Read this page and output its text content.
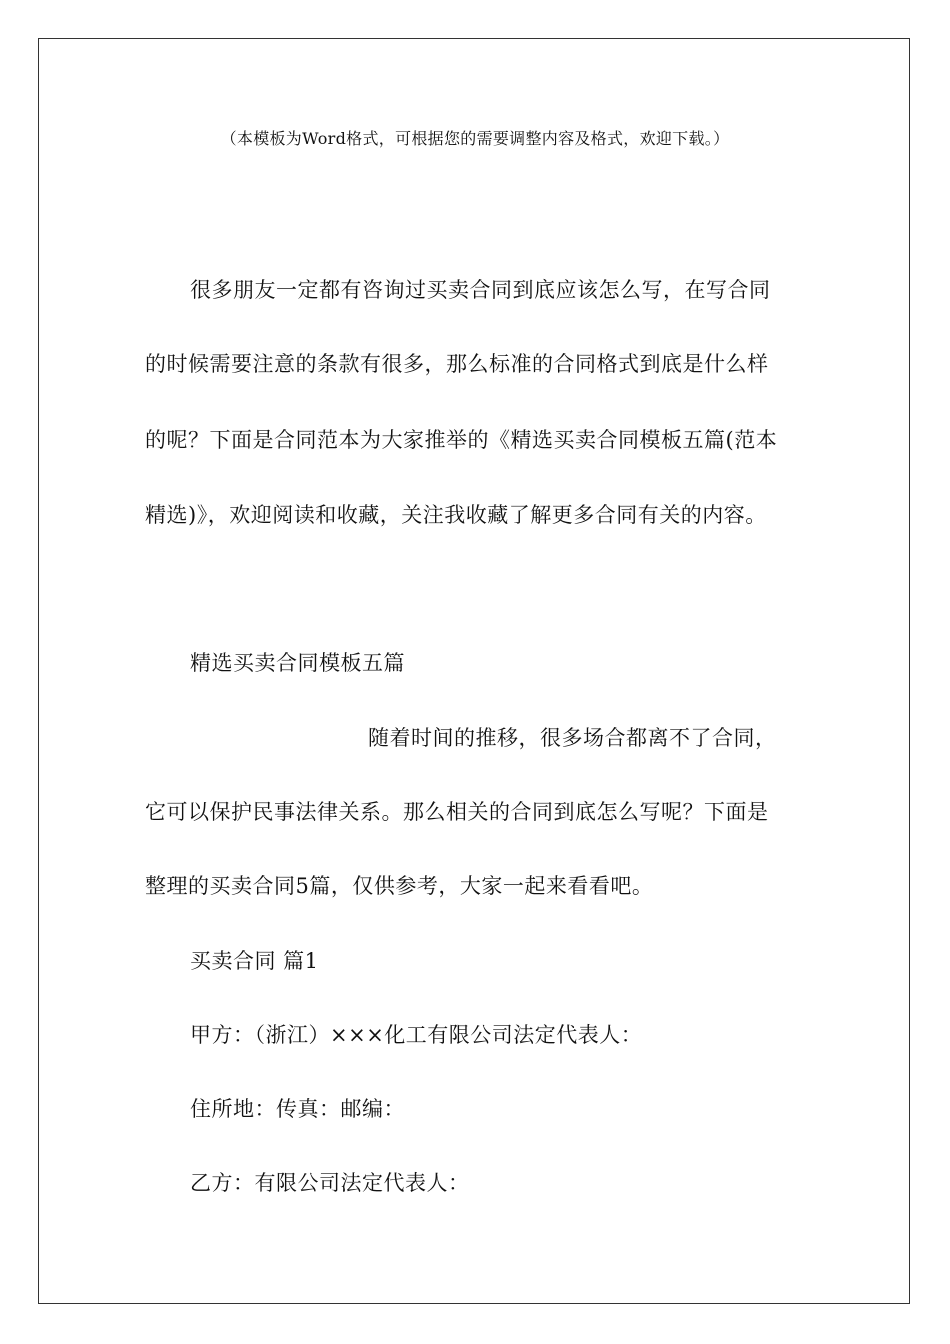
（本模板为Word格式，可根据您的需要调整内容及格式，欢迎下载。）
很多朋友一定都有咨询过买卖合同到底应该怎么写，在写合同
的时候需要注意的条款有很多，那么标准的合同格式到底是什么样
的呢？下面是合同范本为大家推举的《精选买卖合同模板五篇(范本
精选)》，欢迎阅读和收藏，关注我收藏了解更多合同有关的内容。
精选买卖合同模板五篇
随着时间的推移，很多场合都离不了合同，
它可以保护民事法律关系。那么相关的合同到底怎么写呢？下面是
整理的买卖合同5篇，仅供参考，大家一起来看看吧。
买卖合同 篇1
甲方：（浙江）×××化工有限公司法定代表人：
住所地：传真：邮编：
乙方：有限公司法定代表人：
